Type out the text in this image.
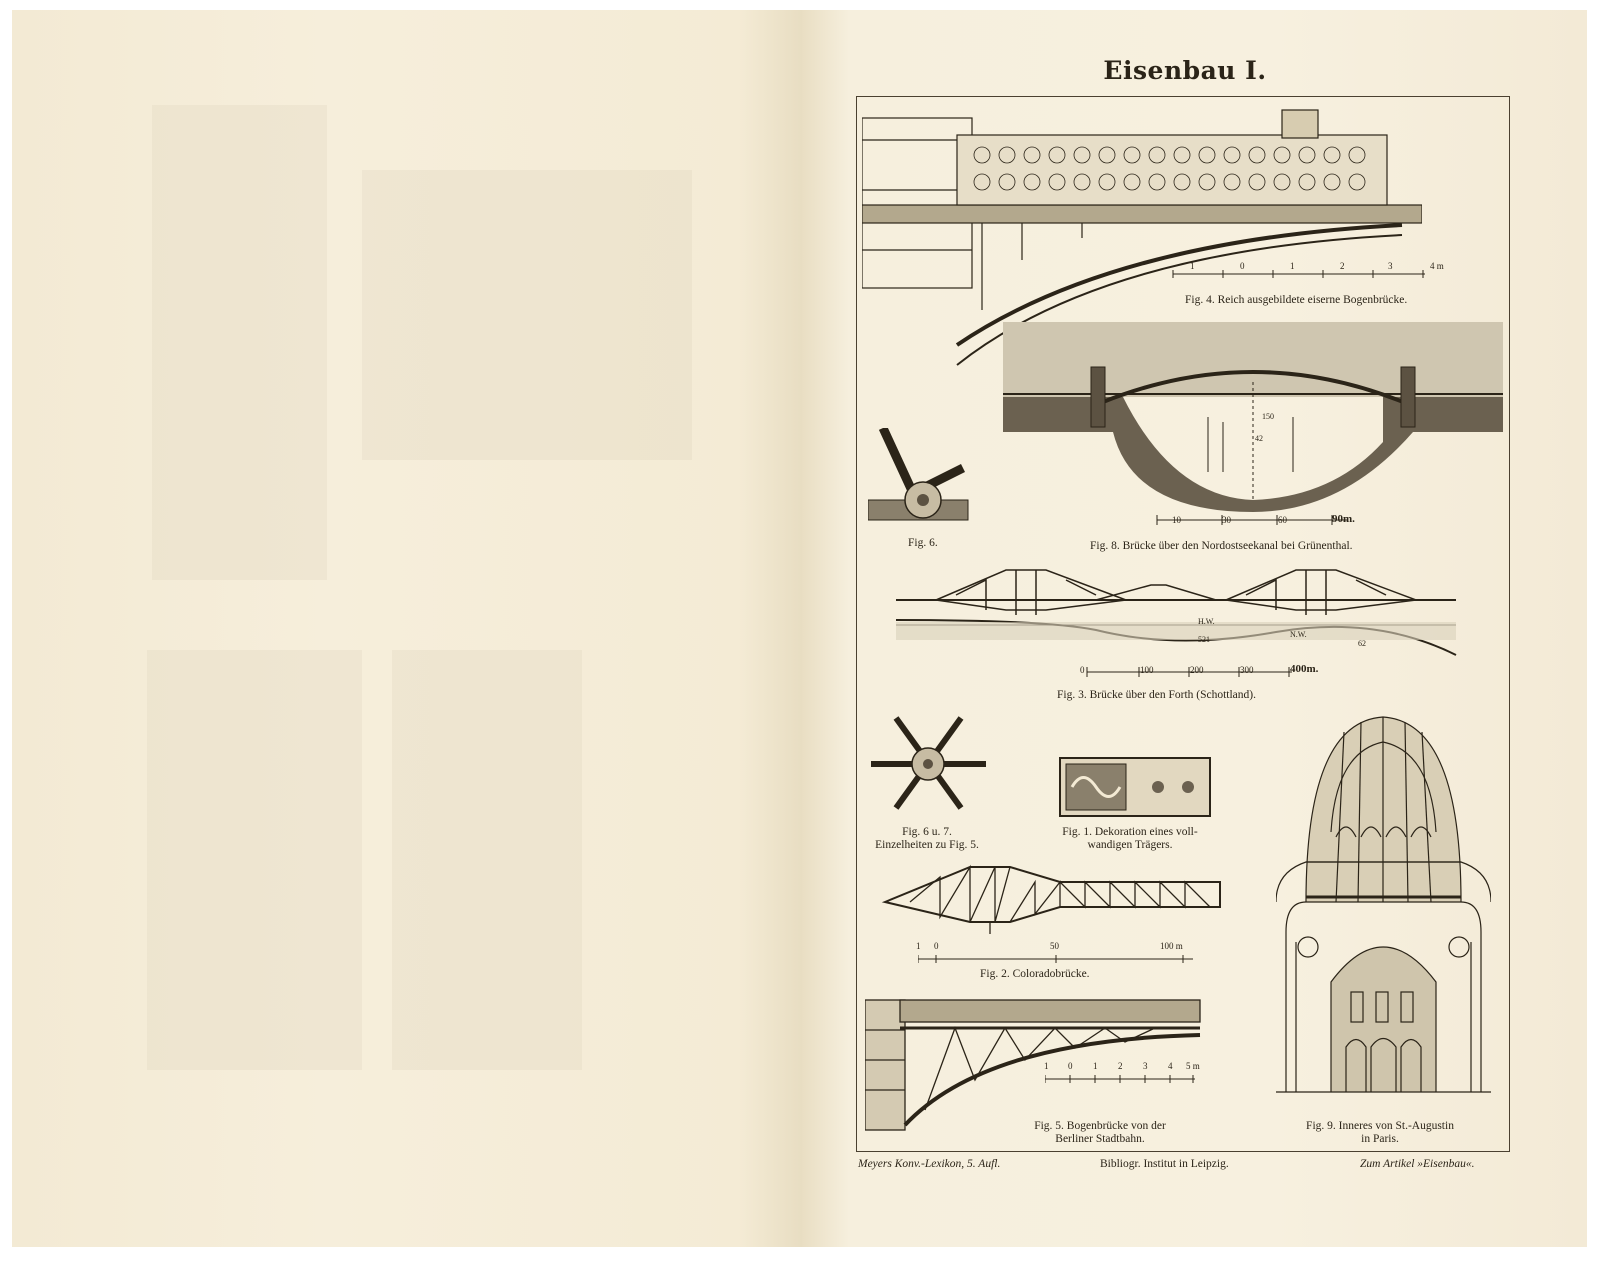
Eisenbau I.
1	0	1	2	3	4 m
Fig. 4. Reich ausgebildete eiserne Bogenbrücke.
42
150
10	30	60	90m.
Fig. 8. Brücke über den Nordostseekanal bei Grünenthal.
Fig. 6.
H.W.
N.W.
521	62
0	100	200	300	400m.
Fig. 3. Brücke über den Forth (Schottland).
Fig. 6 u. 7.
Einzelheiten zu Fig. 5.
Fig. 1. Dekoration eines voll-
wandigen Trägers.
1 0	50	100 m
Fig. 2. Coloradobrücke.
1 0 1 2 3 4 5 m
Fig. 5. Bogenbrücke von der
Berliner Stadtbahn.
Fig. 9. Inneres von St.-Augustin
in Paris.
Meyers Konv.-Lexikon, 5. Aufl.	Bibliogr. Institut in Leipzig.	Zum Artikel »Eisenbau«.
